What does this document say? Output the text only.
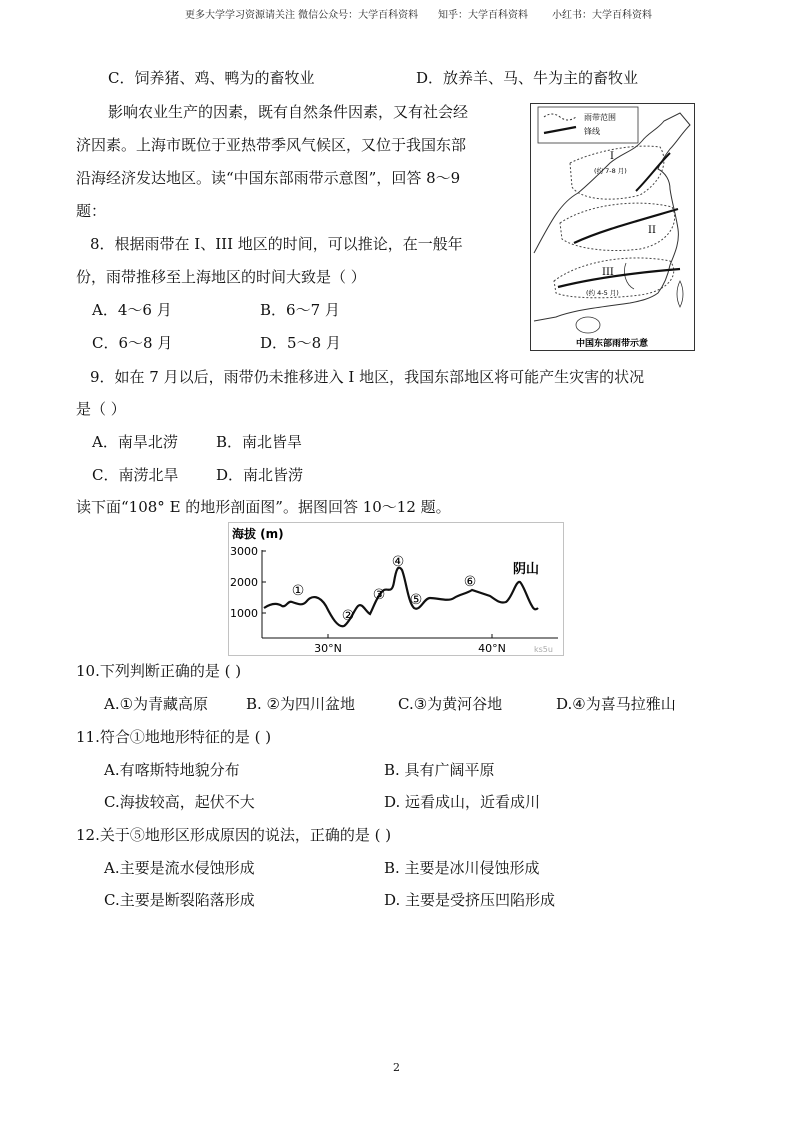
更多大学学习资源请关注 微信公众号：大学百科资料 知乎：大学百科资料 小红书：大学百科资料
C．饲养猪、鸡、鸭为的畜牧业	D．放养羊、马、牛为主的畜牧业
影响农业生产的因素，既有自然条件因素，又有社会经
济因素。上海市既位于亚热带季风气候区，又位于我国东部
沿海经济发达地区。读“中国东部雨带示意图”，回答 8～9
题：
雨带范围
锋线
I
(约 7-8 月)
II
III
(约 4-5 月)
中国东部雨带示意
8．根据雨带在 I、III 地区的时间，可以推论，在一般年
份，雨带推移至上海地区的时间大致是（ ）
A．4～6 月	B．6～7 月
C．6～8 月	D．5～8 月
9．如在 7 月以后，雨带仍未推移进入 I 地区，我国东部地区将可能产生灾害的状况
是（ ）
A．南旱北涝	B．南北皆旱
C．南涝北旱	D．南北皆涝
读下面“108° E 的地形剖面图”。据图回答 10～12 题。
海拔 (m)
3000
2000
1000
30°N	40°N
①
②
③
④
⑤
⑥
阴山
ks5u
10.下列判断正确的是 ( )
A.①为青藏高原	B. ②为四川盆地	C.③为黄河谷地	D.④为喜马拉雅山
11.符合①地地形特征的是 ( )
A.有喀斯特地貌分布	B. 具有广阔平原
C.海拔较高，起伏不大	D. 远看成山，近看成川
12.关于⑤地形区形成原因的说法，正确的是 ( )
A.主要是流水侵蚀形成	B. 主要是冰川侵蚀形成
C.主要是断裂陷落形成	D. 主要是受挤压凹陷形成
2
